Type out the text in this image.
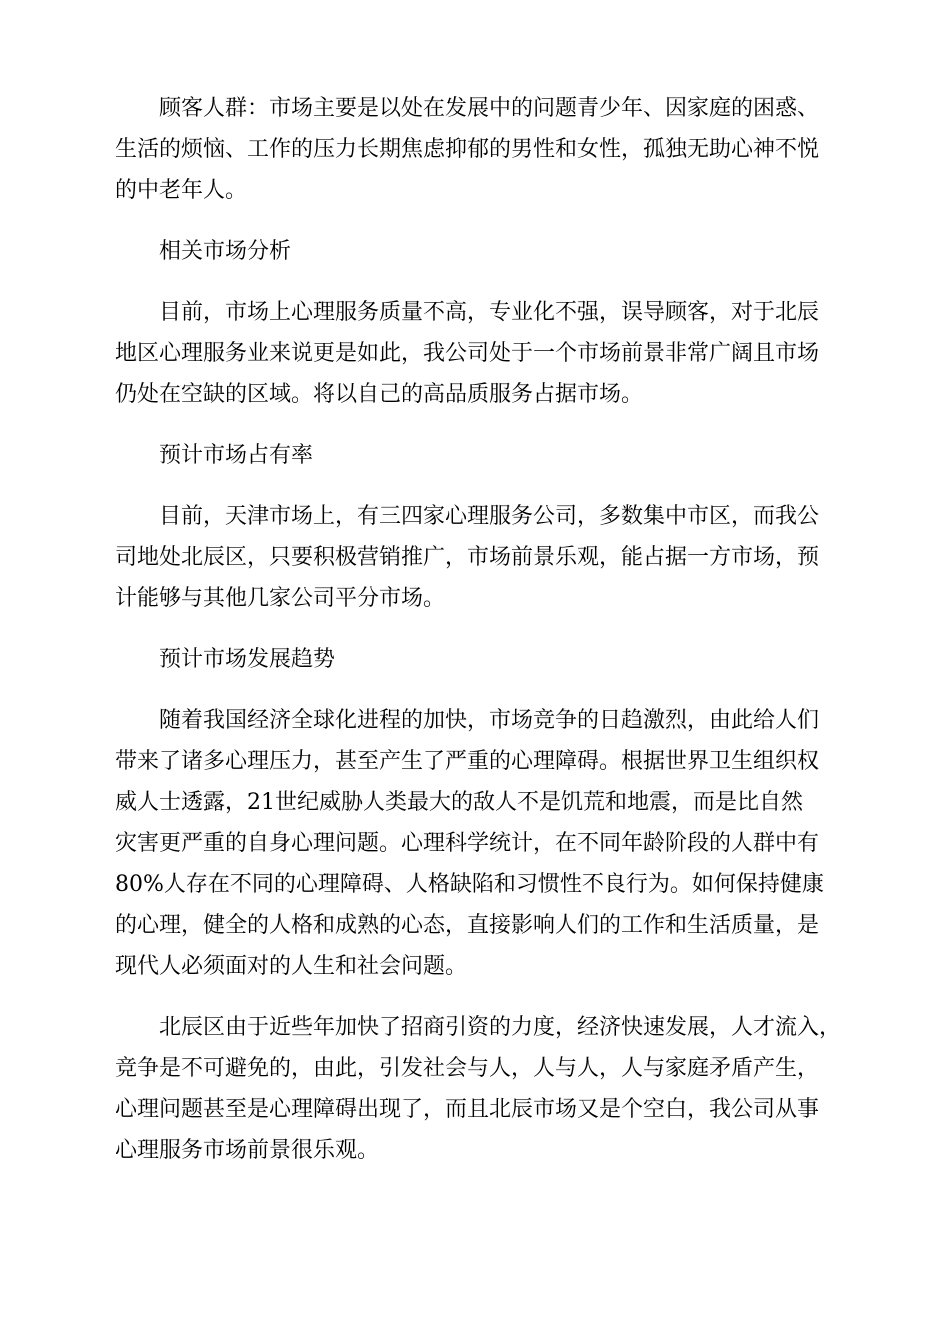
顾客人群：市场主要是以处在发展中的问题青少年、因家庭的困惑、
生活的烦恼、工作的压力长期焦虑抑郁的男性和女性，孤独无助心神不悦
的中老年人。
相关市场分析
目前，市场上心理服务质量不高，专业化不强，误导顾客，对于北辰
地区心理服务业来说更是如此，我公司处于一个市场前景非常广阔且市场
仍处在空缺的区域。将以自己的高品质服务占据市场。
预计市场占有率
目前，天津市场上，有三四家心理服务公司，多数集中市区，而我公
司地处北辰区，只要积极营销推广，市场前景乐观，能占据一方市场，预
计能够与其他几家公司平分市场。
预计市场发展趋势
随着我国经济全球化进程的加快，市场竞争的日趋激烈，由此给人们
带来了诸多心理压力，甚至产生了严重的心理障碍。根据世界卫生组织权
威人士透露，21世纪威胁人类最大的敌人不是饥荒和地震，而是比自然
灾害更严重的自身心理问题。心理科学统计，在不同年龄阶段的人群中有
80%人存在不同的心理障碍、人格缺陷和习惯性不良行为。如何保持健康
的心理，健全的人格和成熟的心态，直接影响人们的工作和生活质量，是
现代人必须面对的人生和社会问题。
北辰区由于近些年加快了招商引资的力度，经济快速发展，人才流入，
竞争是不可避免的，由此，引发社会与人，人与人，人与家庭矛盾产生，
心理问题甚至是心理障碍出现了，而且北辰市场又是个空白，我公司从事
心理服务市场前景很乐观。
